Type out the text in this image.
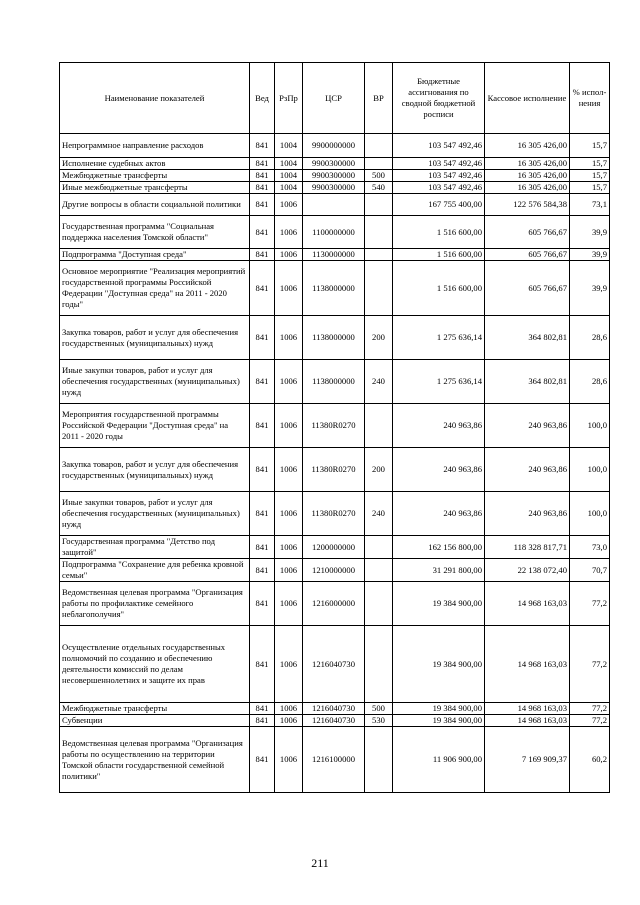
Наименование показателей	Вед	РзПр	ЦСР	ВР	Бюджетные ассигнования по сводной бюджетной росписи	Кассовое исполнение	% испол-нения
Непрограммное направление расходов	841	1004	9900000000		103 547 492,46	16 305 426,00	15,7
Исполнение судебных актов	841	1004	9900300000		103 547 492,46	16 305 426,00	15,7
Межбюджетные трансферты	841	1004	9900300000	500	103 547 492,46	16 305 426,00	15,7
Иные межбюджетные трансферты	841	1004	9900300000	540	103 547 492,46	16 305 426,00	15,7
Другие вопросы в области социальной политики	841	1006			167 755 400,00	122 576 584,38	73,1
Государственная программа "Социальная поддержка населения Томской области"	841	1006	1100000000		1 516 600,00	605 766,67	39,9
Подпрограмма "Доступная среда"	841	1006	1130000000		1 516 600,00	605 766,67	39,9
Основное мероприятие "Реализация мероприятий государственной программы Российской Федерации "Доступная среда" на 2011 - 2020 годы"	841	1006	1138000000		1 516 600,00	605 766,67	39,9
Закупка товаров, работ и услуг для обеспечения государственных (муниципальных) нужд	841	1006	1138000000	200	1 275 636,14	364 802,81	28,6
Иные закупки товаров, работ и услуг для обеспечения государственных (муниципальных) нужд	841	1006	1138000000	240	1 275 636,14	364 802,81	28,6
Мероприятия государственной программы Российской Федерации "Доступная среда" на 2011 - 2020 годы	841	1006	11380R0270		240 963,86	240 963,86	100,0
Закупка товаров, работ и услуг для обеспечения государственных (муниципальных) нужд	841	1006	11380R0270	200	240 963,86	240 963,86	100,0
Иные закупки товаров, работ и услуг для обеспечения государственных (муниципальных) нужд	841	1006	11380R0270	240	240 963,86	240 963,86	100,0
Государственная программа "Детство под защитой"	841	1006	1200000000		162 156 800,00	118 328 817,71	73,0
Подпрограмма "Сохранение для ребенка кровной семьи"	841	1006	1210000000		31 291 800,00	22 138 072,40	70,7
Ведомственная целевая программа "Организация работы по профилактике семейного неблагополучия"	841	1006	1216000000		19 384 900,00	14 968 163,03	77,2
Осуществление отдельных государственных полномочий по созданию и обеспечению деятельности комиссий по делам несовершеннолетних и защите их прав	841	1006	1216040730		19 384 900,00	14 968 163,03	77,2
Межбюджетные трансферты	841	1006	1216040730	500	19 384 900,00	14 968 163,03	77,2
Субвенции	841	1006	1216040730	530	19 384 900,00	14 968 163,03	77,2
Ведомственная целевая программа "Организация работы по осуществлению на территории Томской области государственной семейной политики"	841	1006	1216100000		11 906 900,00	7 169 909,37	60,2
211
